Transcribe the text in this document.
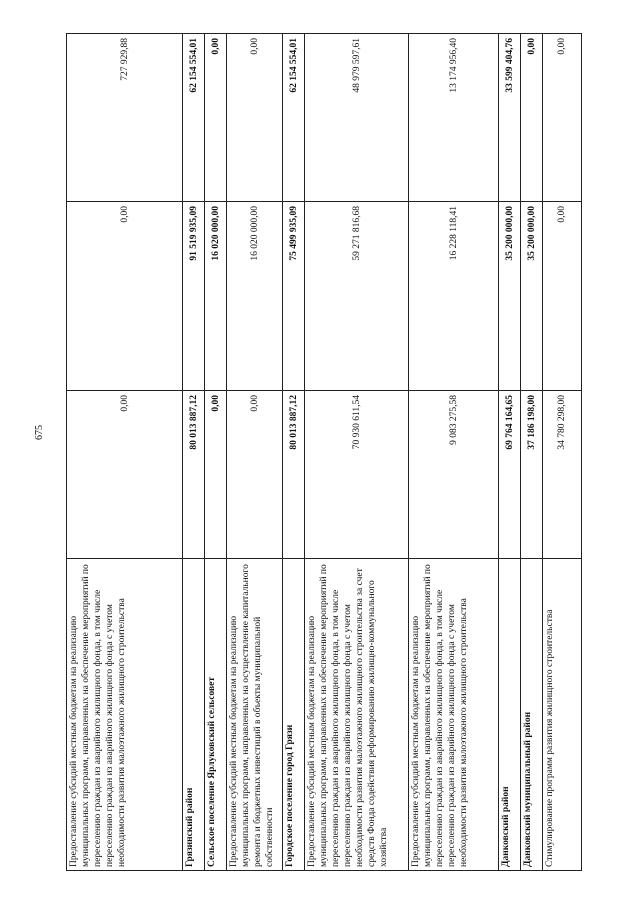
675
Предоставление субсидий местным бюджетам на реализацию муниципальных программ, направленных на обеспечение мероприятий по переселению граждан из аварийного жилищного фонда, в том числе переселению граждан из аварийного жилищного фонда с учетом необходимости развития малоэтажного жилищного строительства	0,00	0,00	727 929,88
Грязинский район	80 013 887,12	91 519 935,09	62 154 554,01
Сельское поселение Ярлуковский сельсовет	0,00	16 020 000,00	0,00
Предоставление субсидий местным бюджетам на реализацию муниципальных программ, направленных на осуществление капитального ремонта и бюджетных инвестиций в объекты муниципальной собственности	0,00	16 020 000,00	0,00
Городское поселение город Грязи	80 013 887,12	75 499 935,09	62 154 554,01
Предоставление субсидий местным бюджетам на реализацию муниципальных программ, направленных на обеспечение мероприятий по переселению граждан из аварийного жилищного фонда, в том числе переселению граждан из аварийного жилищного фонда с учетом необходимости развития малоэтажного жилищного строительства за счет средств Фонда содействия реформированию жилищно-коммунального хозяйства	70 930 611,54	59 271 816,68	48 979 597,61
Предоставление субсидий местным бюджетам на реализацию муниципальных программ, направленных на обеспечение мероприятий по переселению граждан из аварийного жилищного фонда, в том числе переселению граждан из аварийного жилищного фонда с учетом необходимости развития малоэтажного жилищного строительства	9 083 275,58	16 228 118,41	13 174 956,40
Данковский район	69 764 164,65	35 200 000,00	33 599 404,76
Данковский муниципальный район	37 186 198,00	35 200 000,00	0,00
Стимулирование программ развития жилищного строительства	34 780 298,00	0,00	0,00
